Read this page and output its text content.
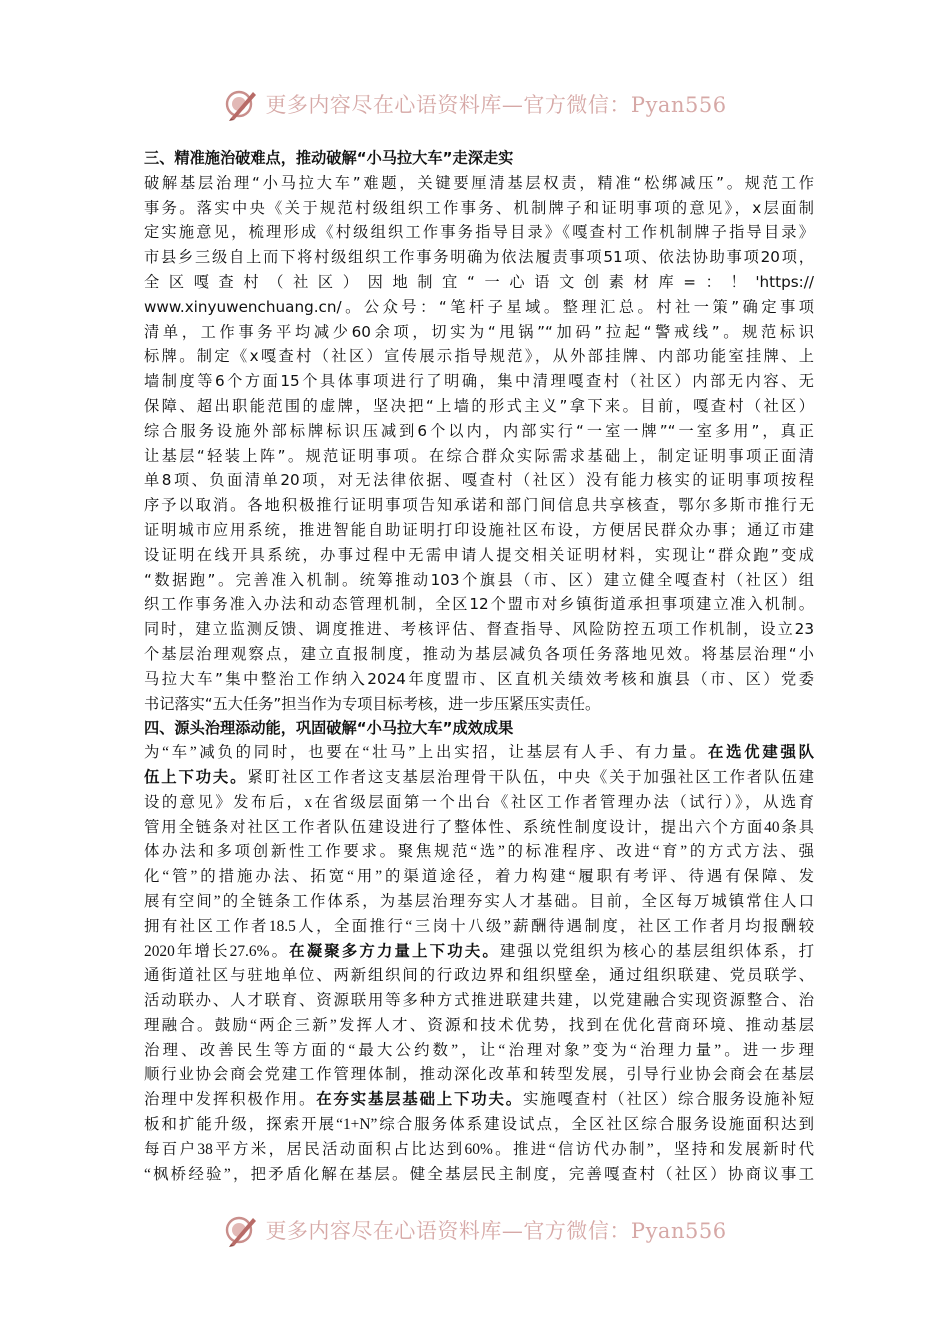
更多内容尽在心语资料库—官方微信：Pyan556
三、精准施治破难点，推动破解“小马拉大车”走深走实
破解基层治理“小马拉大车”难题，关键要厘清基层权责，精准“松绑减压”。规范工作
事务。落实中央《关于规范村级组织工作事务、机制牌子和证明事项的意见》，x层面制
定实施意见，梳理形成《村级组织工作事务指导目录》《嘎查村工作机制牌子指导目录》
市县乡三级自上而下将村级组织工作事务明确为依法履责事项51项、依法协助事项20项，
全区嘎查村（社区）因地制宜“一心语文创素材库=：！'https://
www.xinyuwenchuang.cn/。公众号：“笔杆子星域。整理汇总。村社一策”确定事项
清单，工作事务平均减少60余项，切实为“甩锅”“加码”拉起“警戒线”。规范标识
标牌。制定《x嘎查村（社区）宣传展示指导规范》，从外部挂牌、内部功能室挂牌、上
墙制度等6个方面15个具体事项进行了明确，集中清理嘎查村（社区）内部无内容、无
保障、超出职能范围的虚牌，坚决把“上墙的形式主义”拿下来。目前，嘎查村（社区）
综合服务设施外部标牌标识压减到6个以内，内部实行“一室一牌”“一室多用”，真正
让基层“轻装上阵”。规范证明事项。在综合群众实际需求基础上，制定证明事项正面清
单8项、负面清单20项，对无法律依据、嘎查村（社区）没有能力核实的证明事项按程
序予以取消。各地积极推行证明事项告知承诺和部门间信息共享核查，鄂尔多斯市推行无
证明城市应用系统，推进智能自助证明打印设施社区布设，方便居民群众办事；通辽市建
设证明在线开具系统，办事过程中无需申请人提交相关证明材料，实现让“群众跑”变成
“数据跑”。完善准入机制。统筹推动103个旗县（市、区）建立健全嘎查村（社区）组
织工作事务准入办法和动态管理机制，全区12个盟市对乡镇街道承担事项建立准入机制。
同时，建立监测反馈、调度推进、考核评估、督查指导、风险防控五项工作机制，设立23
个基层治理观察点，建立直报制度，推动为基层减负各项任务落地见效。将基层治理“小
马拉大车”集中整治工作纳入2024年度盟市、区直机关绩效考核和旗县（市、区）党委
书记落实“五大任务”担当作为专项目标考核，进一步压紧压实责任。
四、源头治理添动能，巩固破解“小马拉大车”成效成果
为“车”减负的同时，也要在“壮马”上出实招，让基层有人手、有力量。在选优建强队
伍上下功夫。紧盯社区工作者这支基层治理骨干队伍，中央《关于加强社区工作者队伍建
设的意见》发布后，x在省级层面第一个出台《社区工作者管理办法（试行）》，从选育
管用全链条对社区工作者队伍建设进行了整体性、系统性制度设计，提出六个方面40条具
体办法和多项创新性工作要求。聚焦规范“选”的标准程序、改进“育”的方式方法、强
化“管”的措施办法、拓宽“用”的渠道途径，着力构建“履职有考评、待遇有保障、发
展有空间”的全链条工作体系，为基层治理夯实人才基础。目前，全区每万城镇常住人口
拥有社区工作者18.5人，全面推行“三岗十八级”薪酬待遇制度，社区工作者月均报酬较
2020年增长27.6%。在凝聚多方力量上下功夫。建强以党组织为核心的基层组织体系，打
通街道社区与驻地单位、两新组织间的行政边界和组织壁垒，通过组织联建、党员联学、
活动联办、人才联育、资源联用等多种方式推进联建共建，以党建融合实现资源整合、治
理融合。鼓励“两企三新”发挥人才、资源和技术优势，找到在优化营商环境、推动基层
治理、改善民生等方面的“最大公约数”，让“治理对象”变为“治理力量”。进一步理
顺行业协会商会党建工作管理体制，推动深化改革和转型发展，引导行业协会商会在基层
治理中发挥积极作用。在夯实基层基础上下功夫。实施嘎查村（社区）综合服务设施补短
板和扩能升级，探索开展“1+N”综合服务体系建设试点，全区社区综合服务设施面积达到
每百户38平方米，居民活动面积占比达到60%。推进“信访代办制”，坚持和发展新时代
“枫桥经验”，把矛盾化解在基层。健全基层民主制度，完善嘎查村（社区）协商议事工
更多内容尽在心语资料库—官方微信：Pyan556
